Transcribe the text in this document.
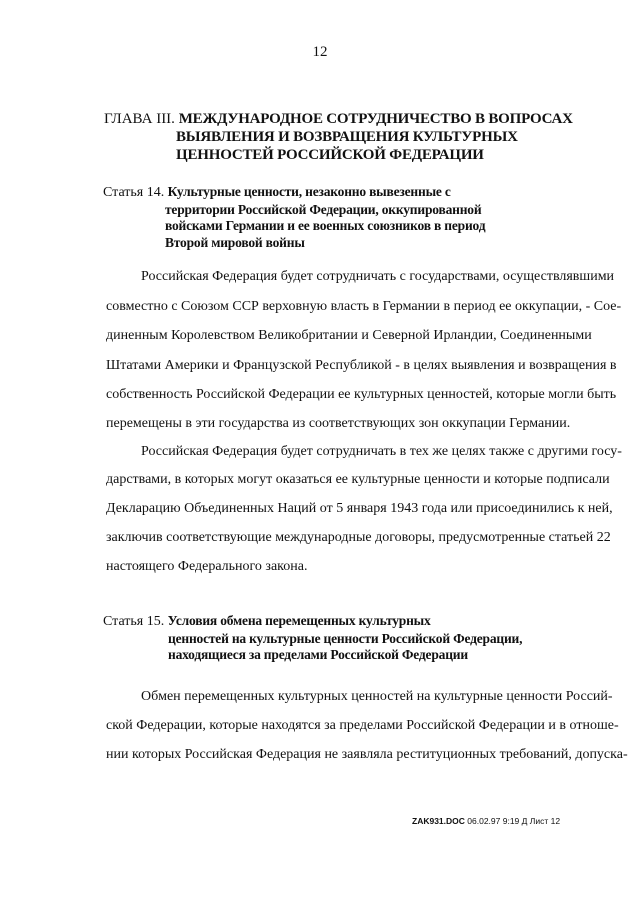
12
ГЛАВА III. МЕЖДУНАРОДНОЕ СОТРУДНИЧЕСТВО В ВОПРОСАХ
ВЫЯВЛЕНИЯ И ВОЗВРАЩЕНИЯ КУЛЬТУРНЫХ
ЦЕННОСТЕЙ РОССИЙСКОЙ ФЕДЕРАЦИИ
Статья 14. Культурные ценности, незаконно вывезенные с
территории Российской Федерации, оккупированной
войсками Германии и ее военных союзников в период
Второй мировой войны
Российская Федерация будет сотрудничать с государствами, осуществлявшими
совместно с Союзом ССР верховную власть в Германии в период ее оккупации, - Сое-
диненным Королевством Великобритании и Северной Ирландии, Соединенными
Штатами Америки и Французской Республикой - в целях выявления и возвращения в
собственность Российской Федерации ее культурных ценностей, которые могли быть
перемещены в эти государства из соответствующих зон оккупации Германии.
Российская Федерация будет сотрудничать в тех же целях также с другими госу-
дарствами, в которых могут оказаться ее культурные ценности и которые подписали
Декларацию Объединенных Наций от 5 января 1943 года или присоединились к ней,
заключив соответствующие международные договоры, предусмотренные статьей 22
настоящего Федерального закона.
Статья 15. Условия обмена перемещенных культурных
ценностей на культурные ценности Российской Федерации,
находящиеся за пределами Российской Федерации
Обмен перемещенных культурных ценностей на культурные ценности Россий-
ской Федерации, которые находятся за пределами Российской Федерации и в отноше-
нии которых Российская Федерация не заявляла реституционных требований, допуска-
ZAK931.DOC 06.02.97 9:19 Д Лист 12
